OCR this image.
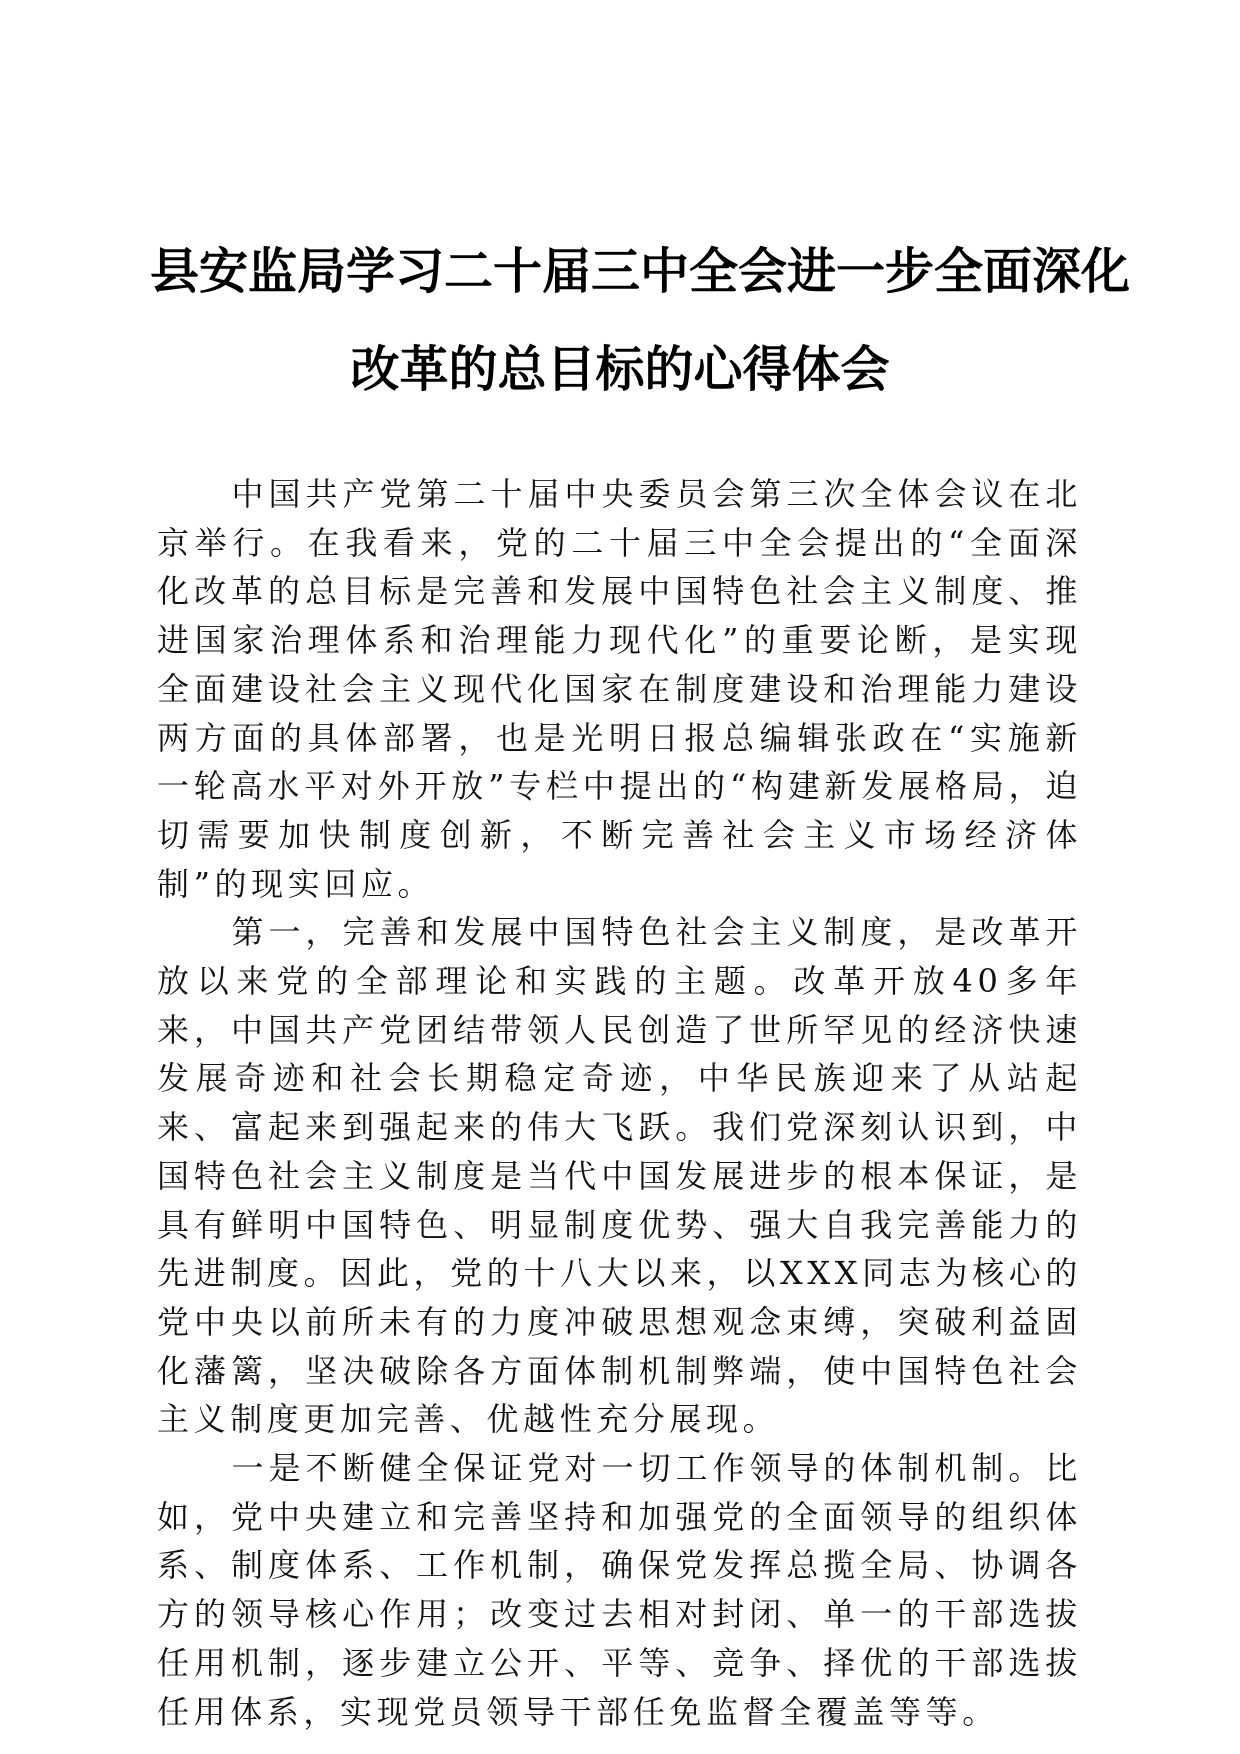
县安监局学习二十届三中全会进一步全面深化
改革的总目标的心得体会

中国共产党第二十届中央委员会第三次全体会议在北京举行。在我看来，党的二十届三中全会提出的“全面深化改革的总目标是完善和发展中国特色社会主义制度、推进国家治理体系和治理能力现代化”的重要论断，是实现全面建设社会主义现代化国家在制度建设和治理能力建设两方面的具体部署，也是光明日报总编辑张政在“实施新一轮高水平对外开放”专栏中提出的“构建新发展格局，迫切需要加快制度创新，不断完善社会主义市场经济体制”的现实回应。

第一，完善和发展中国特色社会主义制度，是改革开放以来党的全部理论和实践的主题。改革开放40多年来，中国共产党团结带领人民创造了世所罕见的经济快速发展奇迹和社会长期稳定奇迹，中华民族迎来了从站起来、富起来到强起来的伟大飞跃。我们党深刻认识到，中国特色社会主义制度是当代中国发展进步的根本保证，是具有鲜明中国特色、明显制度优势、强大自我完善能力的先进制度。因此，党的十八大以来，以XXX同志为核心的党中央以前所未有的力度冲破思想观念束缚，突破利益固化藩篱，坚决破除各方面体制机制弊端，使中国特色社会主义制度更加完善、优越性充分展现。

一是不断健全保证党对一切工作领导的体制机制。比如，党中央建立和完善坚持和加强党的全面领导的组织体系、制度体系、工作机制，确保党发挥总揽全局、协调各方的领导核心作用；改变过去相对封闭、单一的干部选拔任用机制，逐步建立公开、平等、竞争、择优的干部选拔任用体系，实现党员领导干部任免监督全覆盖等等。
